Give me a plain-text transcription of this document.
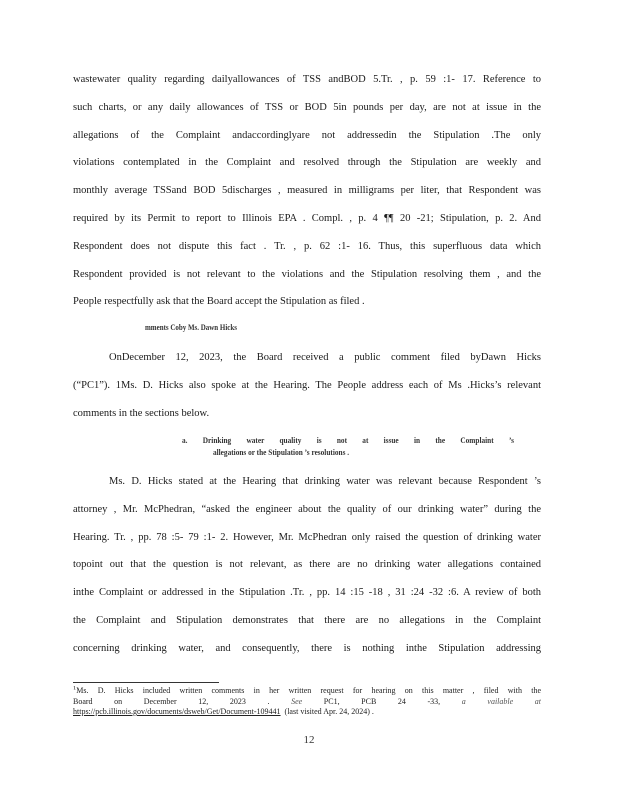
wastewater quality regarding dailyallowances of TSS andBOD 5.Tr. , p. 59 :1- 17. Reference to
such charts, or any daily allowances of TSS or BOD 5in pounds per day, are not at issue in the
allegations of the Complaint andaccordinglyare not addressedin the Stipulation .The only
violations contemplated in the Complaint and resolved through the Stipulation are weekly and
monthly average TSSand BOD 5discharges , measured in milligrams per liter, that Respondent was
required by its Permit to report to Illinois EPA . Compl. , p. 4 ¶¶ 20 -21; Stipulation, p. 2. And
Respondent does not dispute this fact . Tr. , p. 62 :1- 16. Thus, this superfluous data which
Respondent provided is not relevant to the violations and the Stipulation resolving them , and the
People respectfully ask that the Board accept the Stipulation as filed .
mments Coby Ms. Dawn Hicks
OnDecember 12, 2023, the Board received a public comment filed byDawn Hicks
(“PC1”). 1Ms. D. Hicks also spoke at the Hearing. The People address each of Ms .Hicks’s relevant
comments in the sections below.
a. Drinking water quality is not at issue in the Complaint ’s
allegations or the Stipulation ’s resolutions .
Ms. D. Hicks stated at the Hearing that drinking water was relevant because Respondent ’s
attorney , Mr. McPhedran, “asked the engineer about the quality of our drinking water” during the
Hearing. Tr. , pp. 78 :5- 79 :1- 2. However, Mr. McPhedran only raised the question of drinking water
topoint out that the question is not relevant, as there are no drinking water allegations contained
inthe Complaint or addressed in the Stipulation .Tr. , pp. 14 :15 -18 , 31 :24 -32 :6. A review of both
the Complaint and Stipulation demonstrates that there are no allegations in the Complaint
concerning drinking water, and consequently, there is nothing inthe Stipulation addressing
$^1$Ms. D. Hicks included written comments in her written request for hearing on this matter , filed with the
Board on December 12, 2023 .	See	PC1, PCB 24 -33,	a vailable at
https://pcb.illinois.gov/documents/dsweb/Get/Document-109441 (last visited Apr. 24, 2024) .
12
